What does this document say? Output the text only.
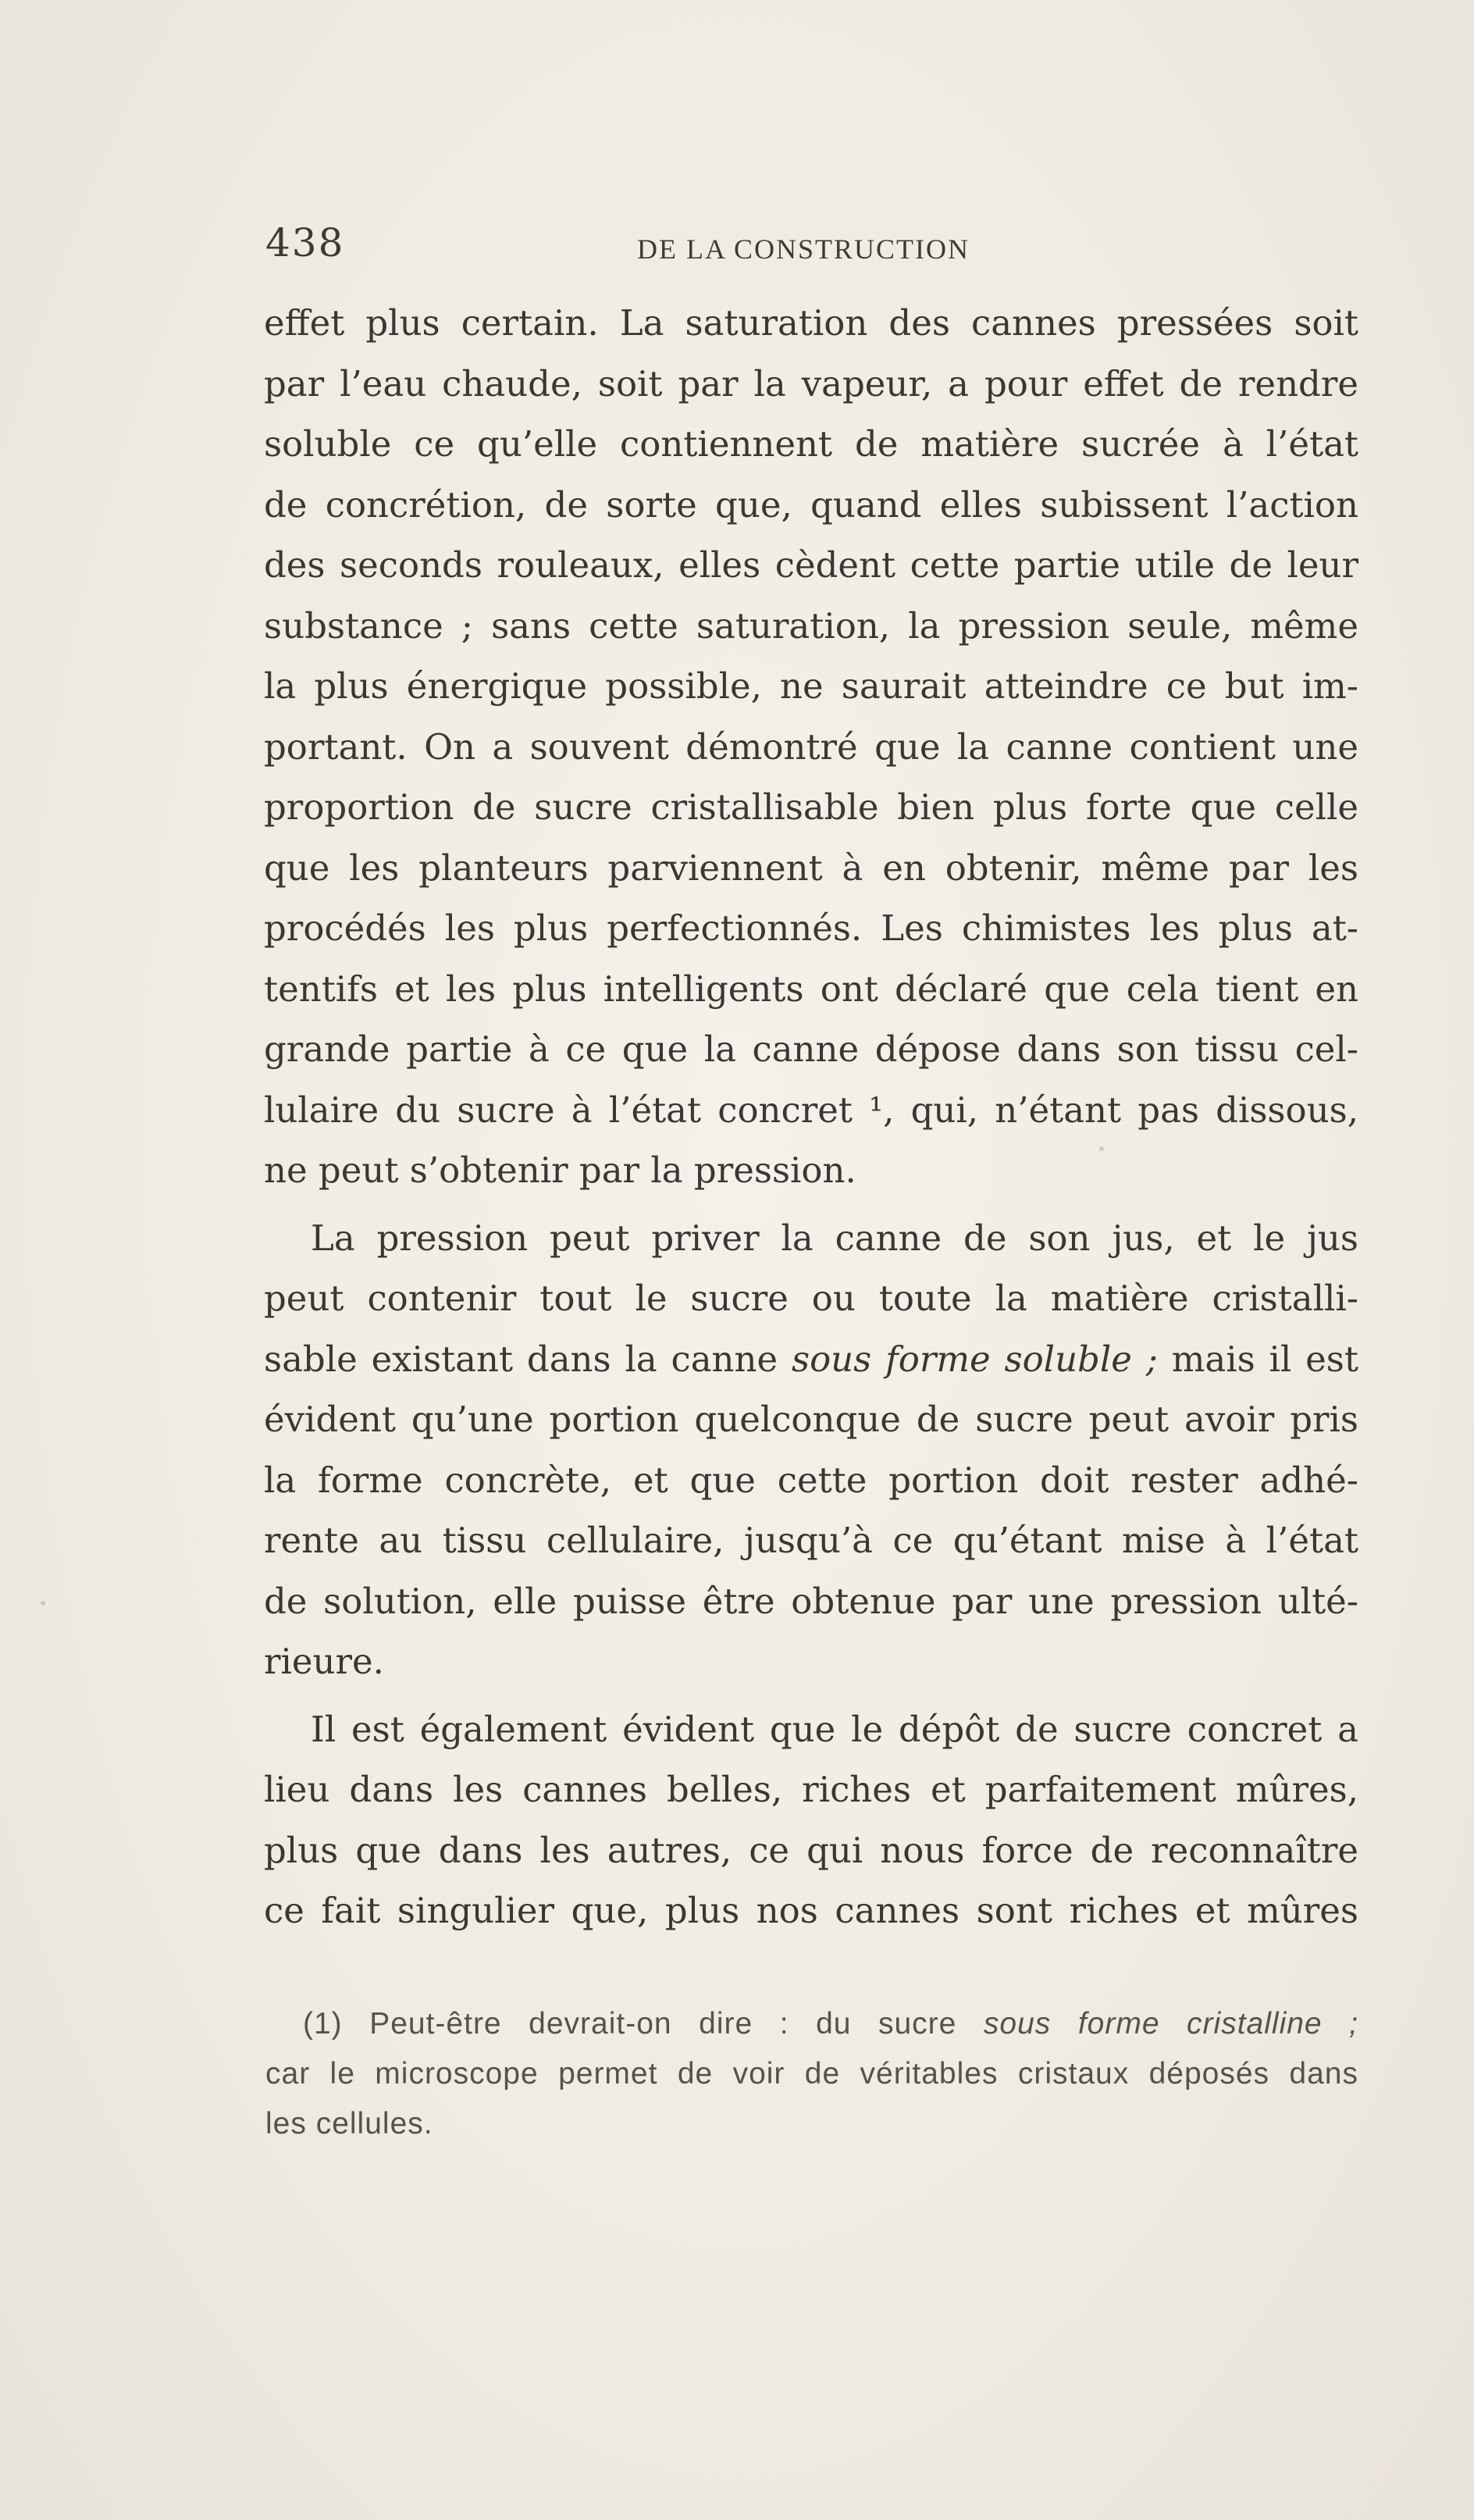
438	DE LA CONSTRUCTION
effet plus certain. La saturation des cannes pressées soit
par l’eau chaude, soit par la vapeur, a pour effet de rendre
soluble ce qu’elle contiennent de matière sucrée à l’état
de concrétion, de sorte que, quand elles subissent l’action
des seconds rouleaux, elles cèdent cette partie utile de leur
substance ; sans cette saturation, la pression seule, même
la plus énergique possible, ne saurait atteindre ce but im-
portant. On a souvent démontré que la canne contient une
proportion de sucre cristallisable bien plus forte que celle
que les planteurs parviennent à en obtenir, même par les
procédés les plus perfectionnés. Les chimistes les plus at-
tentifs et les plus intelligents ont déclaré que cela tient en
grande partie à ce que la canne dépose dans son tissu cel-
lulaire du sucre à l’état concret ¹, qui, n’étant pas dissous,
ne peut s’obtenir par la pression.
La pression peut priver la canne de son jus, et le jus
peut contenir tout le sucre ou toute la matière cristalli-
sable existant dans la canne sous forme soluble ; mais il est
évident qu’une portion quelconque de sucre peut avoir pris
la forme concrète, et que cette portion doit rester adhé-
rente au tissu cellulaire, jusqu’à ce qu’étant mise à l’état
de solution, elle puisse être obtenue par une pression ulté-
rieure.
Il est également évident que le dépôt de sucre concret a
lieu dans les cannes belles, riches et parfaitement mûres,
plus que dans les autres, ce qui nous force de reconnaître
ce fait singulier que, plus nos cannes sont riches et mûres
(1) Peut-être devrait-on dire : du sucre sous forme cristalline ;
car le microscope permet de voir de véritables cristaux déposés dans
les cellules.
